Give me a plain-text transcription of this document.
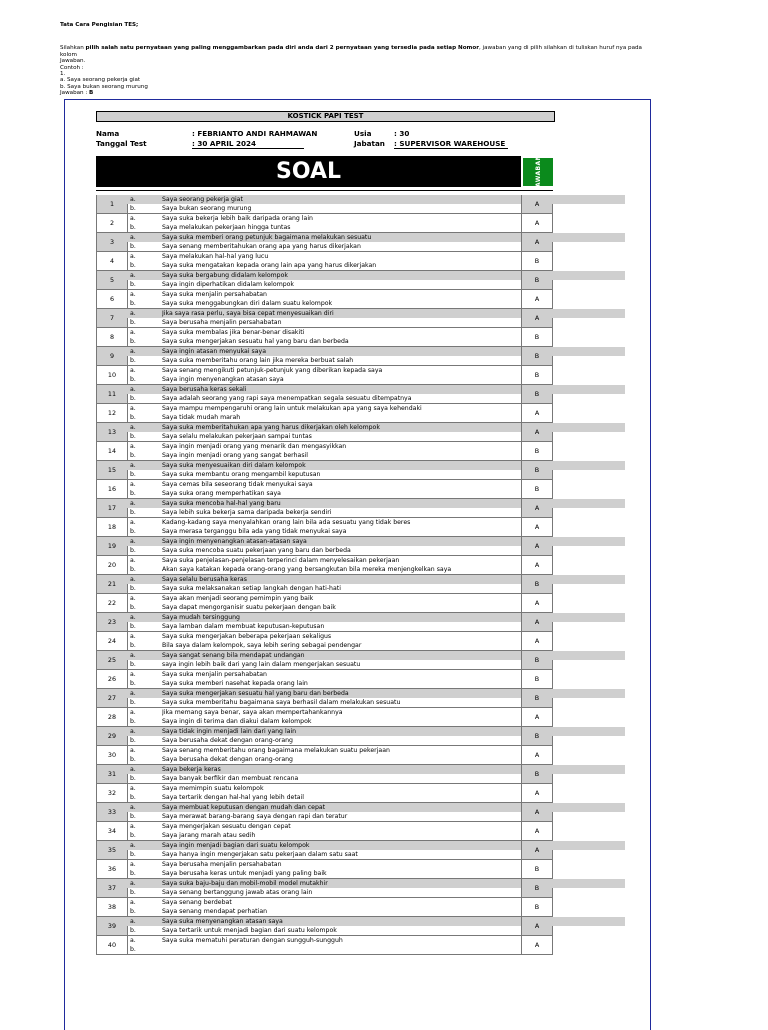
Tata Cara Pengisian TES;
Silahkan pilih salah satu pernyataan yang paling menggambarkan pada diri anda dari 2 pernyataan yang tersedia pada setiap Nomor, jawaban yang di pilih silahkan di tuliskan huruf nya pada kolom
Jawaban.
Contoh :
1.
a. Saya seorang pekerja giat
b. Saya bukan seorang murung
Jawaban : B
KOSTICK PAPI TEST
Nama
Tanggal Test
: FEBRIANTO ANDI RAHMAWAN
: 30 APRIL 2024
Usia
Jabatan
: 30
: SUPERVISOR WAREHOUSE
SOAL	JAWABAN
1
a.	Saya seorang pekerja giat
b.	Saya bukan seorang murung
A
2
a.	Saya suka bekerja lebih baik daripada orang lain
b.	Saya melakukan pekerjaan hingga tuntas
A
3
a.	Saya suka memberi orang petunjuk bagaimana melakukan sesuatu
b.	Saya senang memberitahukan orang apa yang harus dikerjakan
A
4
a.	Saya melakukan hal-hal yang lucu
b.	Saya suka mengatakan kepada orang lain apa yang harus dikerjakan
B
5
a.	Saya suka bergabung didalam kelompok
b.	Saya ingin diperhatikan didalam kelompok
B
6
a.	Saya suka menjalin persahabatan
b.	Saya suka menggabungkan diri dalam suatu kelompok
A
7
a.	Jika saya rasa perlu, saya bisa cepat menyesuaikan diri
b.	Saya berusaha menjalin persahabatan
A
8
a.	Saya suka membalas jika benar-benar disakiti
b.	Saya suka mengerjakan sesuatu hal yang baru dan berbeda
B
9
a.	Saya ingin atasan menyukai saya
b.	Saya suka memberitahu orang lain jika mereka berbuat salah
B
10
a.	Saya senang mengikuti petunjuk-petunjuk yang diberikan kepada saya
b.	Saya ingin menyenangkan atasan saya
B
11
a.	Saya berusaha keras sekali
b.	Saya adalah seorang yang rapi saya menempatkan segala sesuatu ditempatnya
B
12
a.	Saya mampu mempengaruhi orang lain untuk melakukan apa yang saya kehendaki
b.	Saya tidak mudah marah
A
13
a.	Saya suka memberitahukan apa yang harus dikerjakan oleh kelompok
b.	Saya selalu melakukan pekerjaan sampai tuntas
A
14
a.	Saya ingin menjadi orang yang menarik dan mengasyikkan
b.	Saya ingin menjadi orang yang sangat berhasil
B
15
a.	Saya suka menyesuaikan diri dalam kelompok
b.	Saya suka membantu orang mengambil keputusan
B
16
a.	Saya cemas bila seseorang tidak menyukai saya
b.	Saya suka orang memperhatikan saya
B
17
a.	Saya suka mencoba hal-hal yang baru
b.	Saya lebih suka bekerja sama daripada bekerja sendiri
A
18
a.	Kadang-kadang saya menyalahkan orang lain bila ada sesuatu yang tidak beres
b.	Saya merasa terganggu bila ada yang tidak menyukai saya
A
19
a.	Saya ingin menyenangkan atasan-atasan saya
b.	Saya suka mencoba suatu pekerjaan yang baru dan berbeda
A
20
a.	Saya suka penjelasan-penjelasan terperinci dalam menyelesaikan pekerjaan
b.	Akan saya katakan kepada orang-orang yang bersangkutan bila mereka menjengkelkan saya
A
21
a.	Saya selalu berusaha keras
b.	Saya suka melaksanakan setiap langkah dengan hati-hati
B
22
a.	Saya akan menjadi seorang pemimpin yang baik
b.	Saya dapat mengorganisir suatu pekerjaan dengan baik
A
23
a.	Saya mudah tersinggung
b.	Saya lamban dalam membuat keputusan-keputusan
A
24
a.	Saya suka mengerjakan beberapa pekerjaan sekaligus
b.	Bila saya dalam kelompok, saya lebih sering sebagai pendengar
A
25
a.	Saya sangat senang bila mendapat undangan
b.	saya ingin lebih baik dari yang lain dalam mengerjakan sesuatu
B
26
a.	Saya suka menjalin persahabatan
b.	Saya suka memberi nasehat kepada orang lain
B
27
a.	Saya suka mengerjakan sesuatu hal yang baru dan berbeda
b.	Saya suka memberitahu bagaimana saya berhasil dalam melakukan sesuatu
B
28
a.	Jika memang saya benar, saya akan mempertahankannya
b.	Saya ingin di terima dan diakui dalam kelompok
A
29
a.	Saya tidak ingin menjadi lain dari yang lain
b.	Saya berusaha dekat dengan orang-orang
B
30
a.	Saya senang memberitahu orang bagaimana melakukan suatu pekerjaan
b.	Saya berusaha dekat dengan orang-orang
A
31
a.	Saya bekerja keras
b.	Saya banyak berfikir dan membuat rencana
B
32
a.	Saya memimpin suatu kelompok
b.	Saya tertarik dengan hal-hal yang lebih detail
A
33
a.	Saya membuat keputusan dengan mudah dan cepat
b.	Saya merawat barang-barang saya dengan rapi dan teratur
A
34
a.	Saya mengerjakan sesuatu dengan cepat
b.	Saya jarang marah atau sedih
A
35
a.	Saya ingin menjadi bagian dari suatu kelompok
b.	Saya hanya ingin mengerjakan satu pekerjaan dalam satu saat
A
36
a.	Saya berusaha menjalin persahabatan
b.	Saya berusaha keras untuk menjadi yang paling baik
B
37
a.	Saya suka baju-baju dan mobil-mobil model mutakhir
b.	Saya senang bertanggung jawab atas orang lain
B
38
a.	Saya senang berdebat
b.	Saya senang mendapat perhatian
B
39
a.	Saya suka menyenangkan atasan saya
b.	Saya tertarik untuk menjadi bagian dari suatu kelompok
A
40
a.	Saya suka mematuhi peraturan dengan sungguh-sungguh
b.
A
